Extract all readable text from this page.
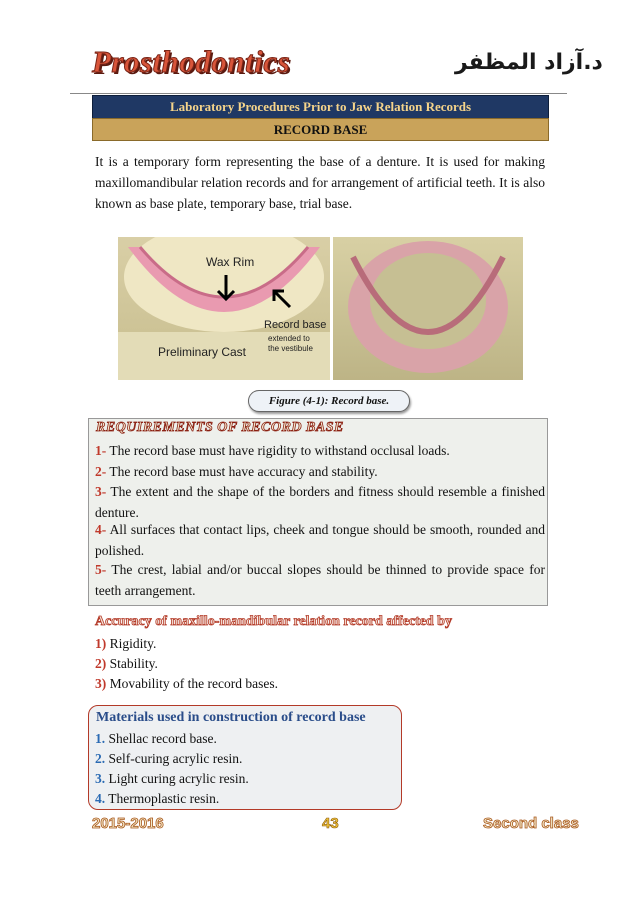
Prosthodontics	د.آزاد المظفر
Laboratory Procedures Prior to Jaw Relation Records
RECORD BASE
It is a temporary form representing the base of a denture. It is used for making maxillomandibular relation records and for arrangement of artificial teeth. It is also known as base plate, temporary base, trial base.
Wax Rim
Record base
extended to
the vestibule
Preliminary Cast
Figure (4-1): Record base.
REQUIREMENTS OF RECORD BASE
1- The record base must have rigidity to withstand occlusal loads.
2- The record base must have accuracy and stability.
3- The extent and the shape of the borders and fitness should resemble a finished denture.
4- All surfaces that contact lips, cheek and tongue should be smooth, rounded and polished.
5- The crest, labial and/or buccal slopes should be thinned to provide space for teeth arrangement.
Accuracy of maxillo-mandibular relation record affected by
1) Rigidity.
2) Stability.
3) Movability of the record bases.
Materials used in construction of record base
1. Shellac record base.
2. Self-curing acrylic resin.
3. Light curing acrylic resin.
4. Thermoplastic resin.
2015-2016	43	Second class
